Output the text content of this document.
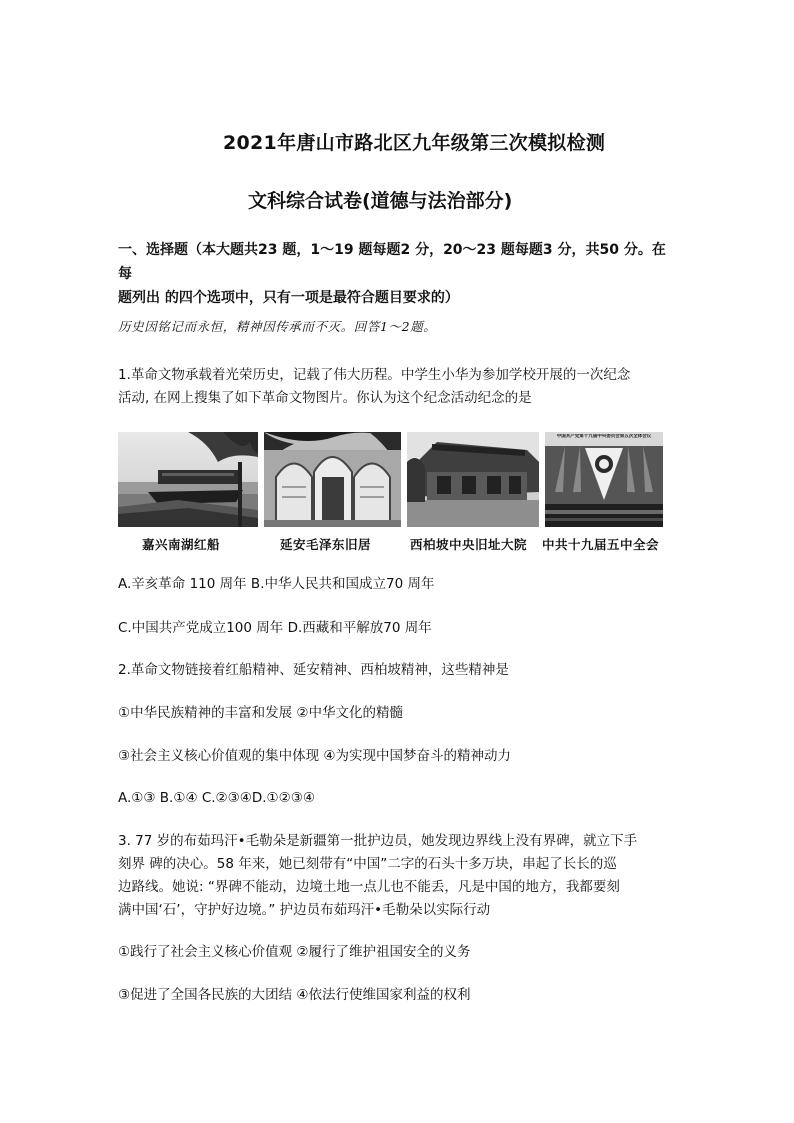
2021年唐山市路北区九年级第三次模拟检测
文科综合试卷(道德与法治部分)
一、选择题（本大题共23 题，1～19 题每题2 分，20～23 题每题3 分，共50 分。在每
题列出 的四个选项中，只有一项是最符合题目要求的）
历史因铭记而永恒，精神因传承而不灭。回答1～2题。
1.革命文物承载着光荣历史，记载了伟大历程。中学生小华为参加学校开展的一次纪念
活动, 在网上搜集了如下革命文物图片。你认为这个纪念活动纪念的是
中国共产党第十九届中央委员会第五次全体会议
嘉兴南湖红船	延安毛泽东旧居	西柏坡中央旧址大院 中共十九届五中全会
A.辛亥革命 110 周年 B.中华人民共和国成立70 周年
C.中国共产党成立100 周年 D.西藏和平解放70 周年
2.革命文物链接着红船精神、延安精神、西柏坡精神，这些精神是
①中华民族精神的丰富和发展 ②中华文化的精髓
③社会主义核心价值观的集中体现 ④为实现中国梦奋斗的精神动力
A.①③ B.①④ C.②③④D.①②③④
3. 77 岁的布茹玛汗•毛勒朵是新疆第一批护边员，她发现边界线上没有界碑，就立下手
刻界 碑的决心。58 年来，她已刻带有“中国”二字的石头十多万块，串起了长长的巡
边路线。她说: “界碑不能动，边境土地一点儿也不能丢，凡是中国的地方，我都要刻
满中国‘石’，守护好边境。” 护边员布茹玛汗•毛勒朵以实际行动
①践行了社会主义核心价值观 ②履行了维护祖国安全的义务
③促进了全国各民族的大团结 ④依法行使维国家利益的权利
